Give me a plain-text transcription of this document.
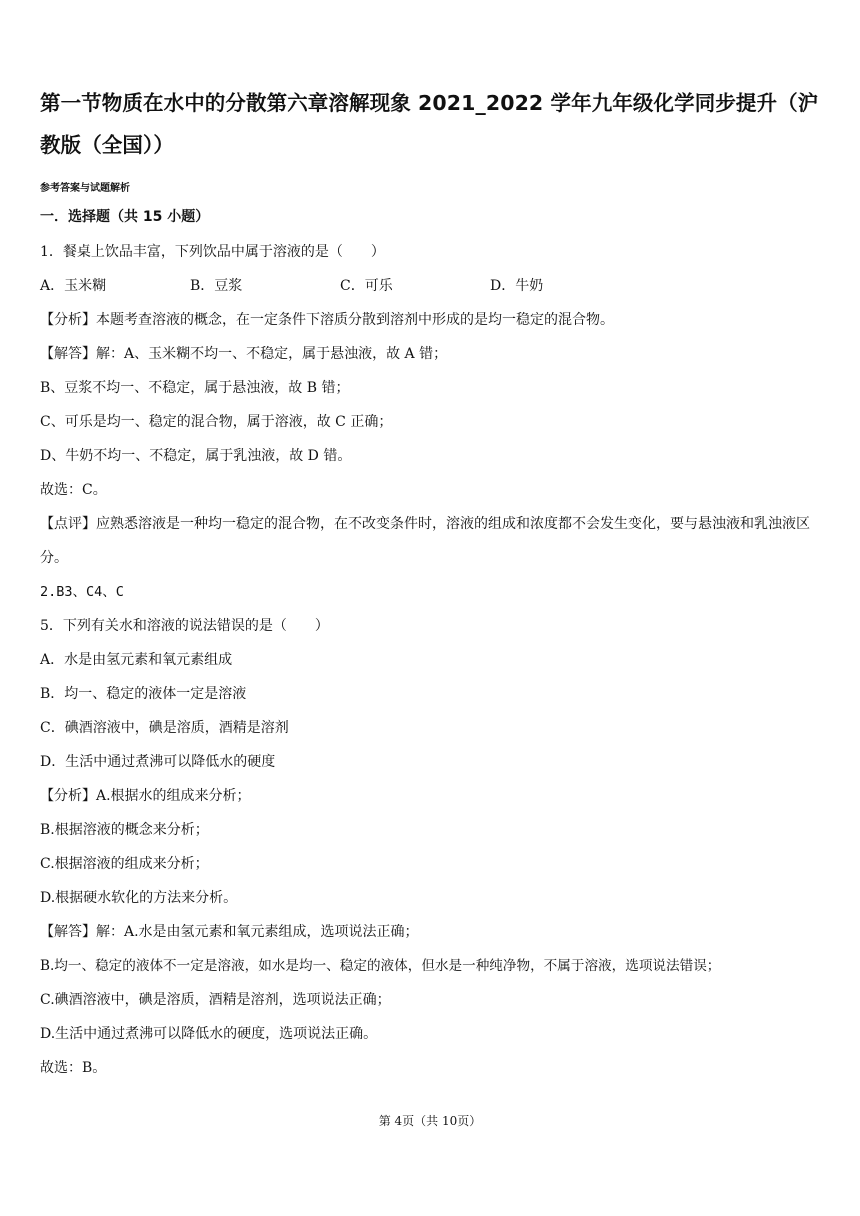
第一节物质在水中的分散第六章溶解现象 2021_2022 学年九年级化学同步提升（沪教版（全国））
参考答案与试题解析
一．选择题（共 15 小题）
1．餐桌上饮品丰富，下列饮品中属于溶液的是（　　）
A．玉米糊	B．豆浆	C．可乐	D．牛奶
【分析】本题考查溶液的概念，在一定条件下溶质分散到溶剂中形成的是均一稳定的混合物。
【解答】解：A、玉米糊不均一、不稳定，属于悬浊液，故 A 错；
B、豆浆不均一、不稳定，属于悬浊液，故 B 错；
C、可乐是均一、稳定的混合物，属于溶液，故 C 正确；
D、牛奶不均一、不稳定，属于乳浊液，故 D 错。
故选：C。
【点评】应熟悉溶液是一种均一稳定的混合物，在不改变条件时，溶液的组成和浓度都不会发生变化，要与悬浊液和乳浊液区分。
2.B3、C4、C
5．下列有关水和溶液的说法错误的是（　　）
A．水是由氢元素和氧元素组成
B．均一、稳定的液体一定是溶液
C．碘酒溶液中，碘是溶质，酒精是溶剂
D．生活中通过煮沸可以降低水的硬度
【分析】A.根据水的组成来分析；
B.根据溶液的概念来分析；
C.根据溶液的组成来分析；
D.根据硬水软化的方法来分析。
【解答】解：A.水是由氢元素和氧元素组成，选项说法正确；
B.均一、稳定的液体不一定是溶液，如水是均一、稳定的液体，但水是一种纯净物，不属于溶液，选项说法错误；
C.碘酒溶液中，碘是溶质，酒精是溶剂，选项说法正确；
D.生活中通过煮沸可以降低水的硬度，选项说法正确。
故选：B。
第 4页（共 10页）
